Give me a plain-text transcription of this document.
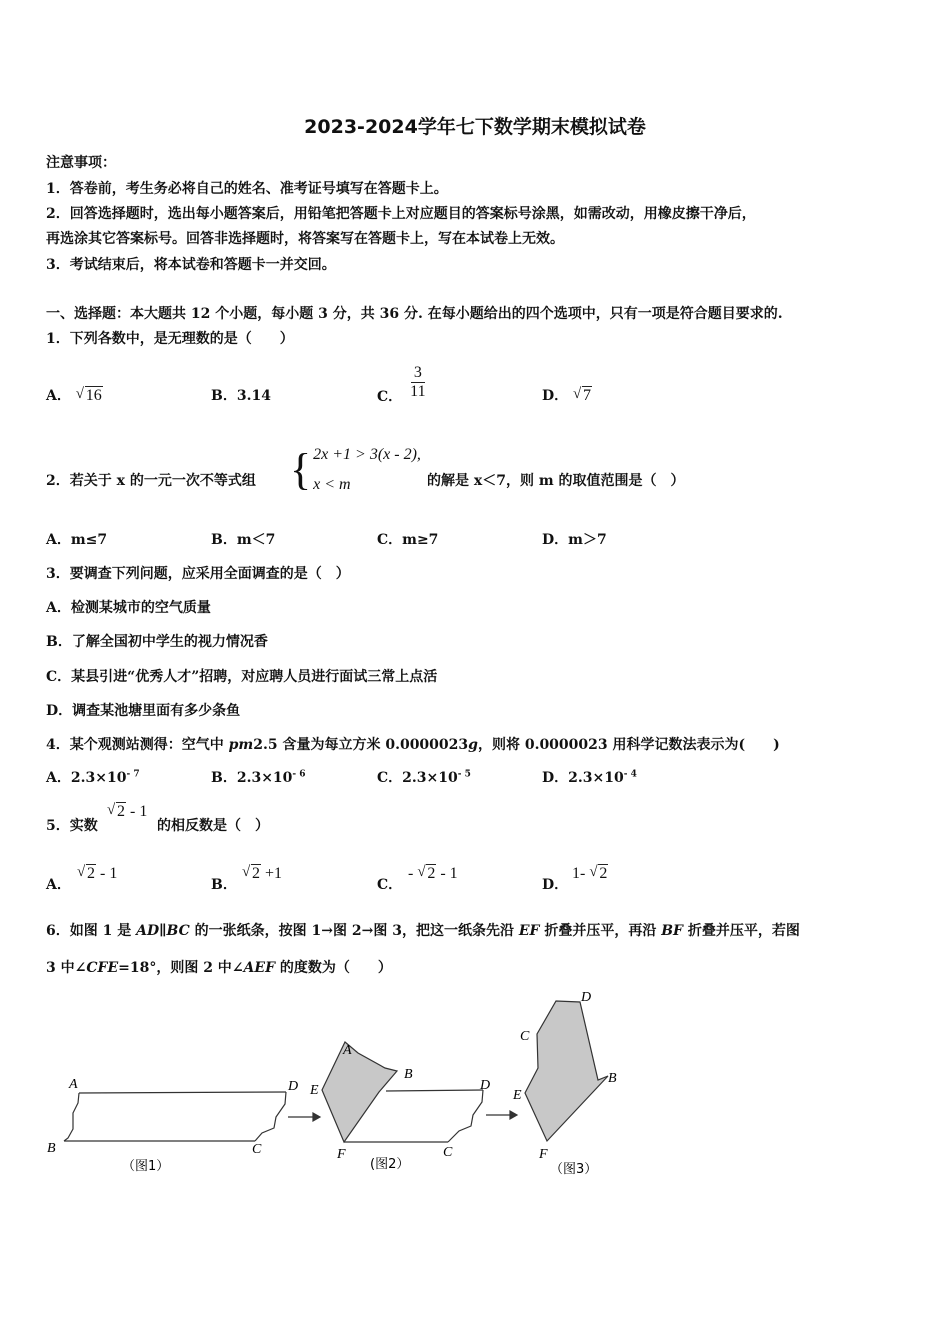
2023-2024学年七下数学期末模拟试卷
注意事项：
1．答卷前，考生务必将自己的姓名、准考证号填写在答题卡上。
2．回答选择题时，选出每小题答案后，用铅笔把答题卡上对应题目的答案标号涂黑，如需改动，用橡皮擦干净后，
再选涂其它答案标号。回答非选择题时，将答案写在答题卡上，写在本试卷上无效。
3．考试结束后，将本试卷和答题卡一并交回。
一、选择题：本大题共 12 个小题，每小题 3 分，共 36 分. 在每小题给出的四个选项中，只有一项是符合题目要求的.
1．下列各数中，是无理数的是（　　）
A． √ 16	B．3.14	C． $\frac{3}{11}$	D． √ 7
2．若关于 x 的一元一次不等式组 { 2x +1 > 3(x - 2),
x < m	的解是 x＜7，则 m 的取值范围是（　）
A．m≤7	B．m＜7	C．m≥7	D．m＞7
3．要调查下列问题，应采用全面调查的是（　）
A．检测某城市的空气质量
B．了解全国初中学生的视力情况香
C．某县引进“优秀人才”招聘，对应聘人员进行面试三常上点活
D．调查某池塘里面有多少条鱼
4．某个观测站测得：空气中 pm2.5 含量为每立方米 0.0000023g，则将 0.0000023 用科学记数法表示为(　　)
A．$2.3\times 10^{- 7}$	B．$2.3\times 10^{- 6}$	C．$2.3\times 10^{- 5}$	D．$2.3\times 10^{- 4}$
5．实数
√ 2 - 1
的相反数是（　）
A．
√ 2 - 1
B．
√ 2 +1
C．
- √ 2 - 1
D．
1- √ 2
6．如图 1 是 AD∥BC 的一张纸条，按图 1→图 2→图 3，把这一纸条先沿 EF 折叠并压平，再沿 BF 折叠并压平，若图
3 中∠CFE=18°，则图 2 中∠AEF 的度数为（　　）
A	D
B	C
（图1）
A
B
E	D
F	C
(图2）
D
C
B
E
F
（图3）
